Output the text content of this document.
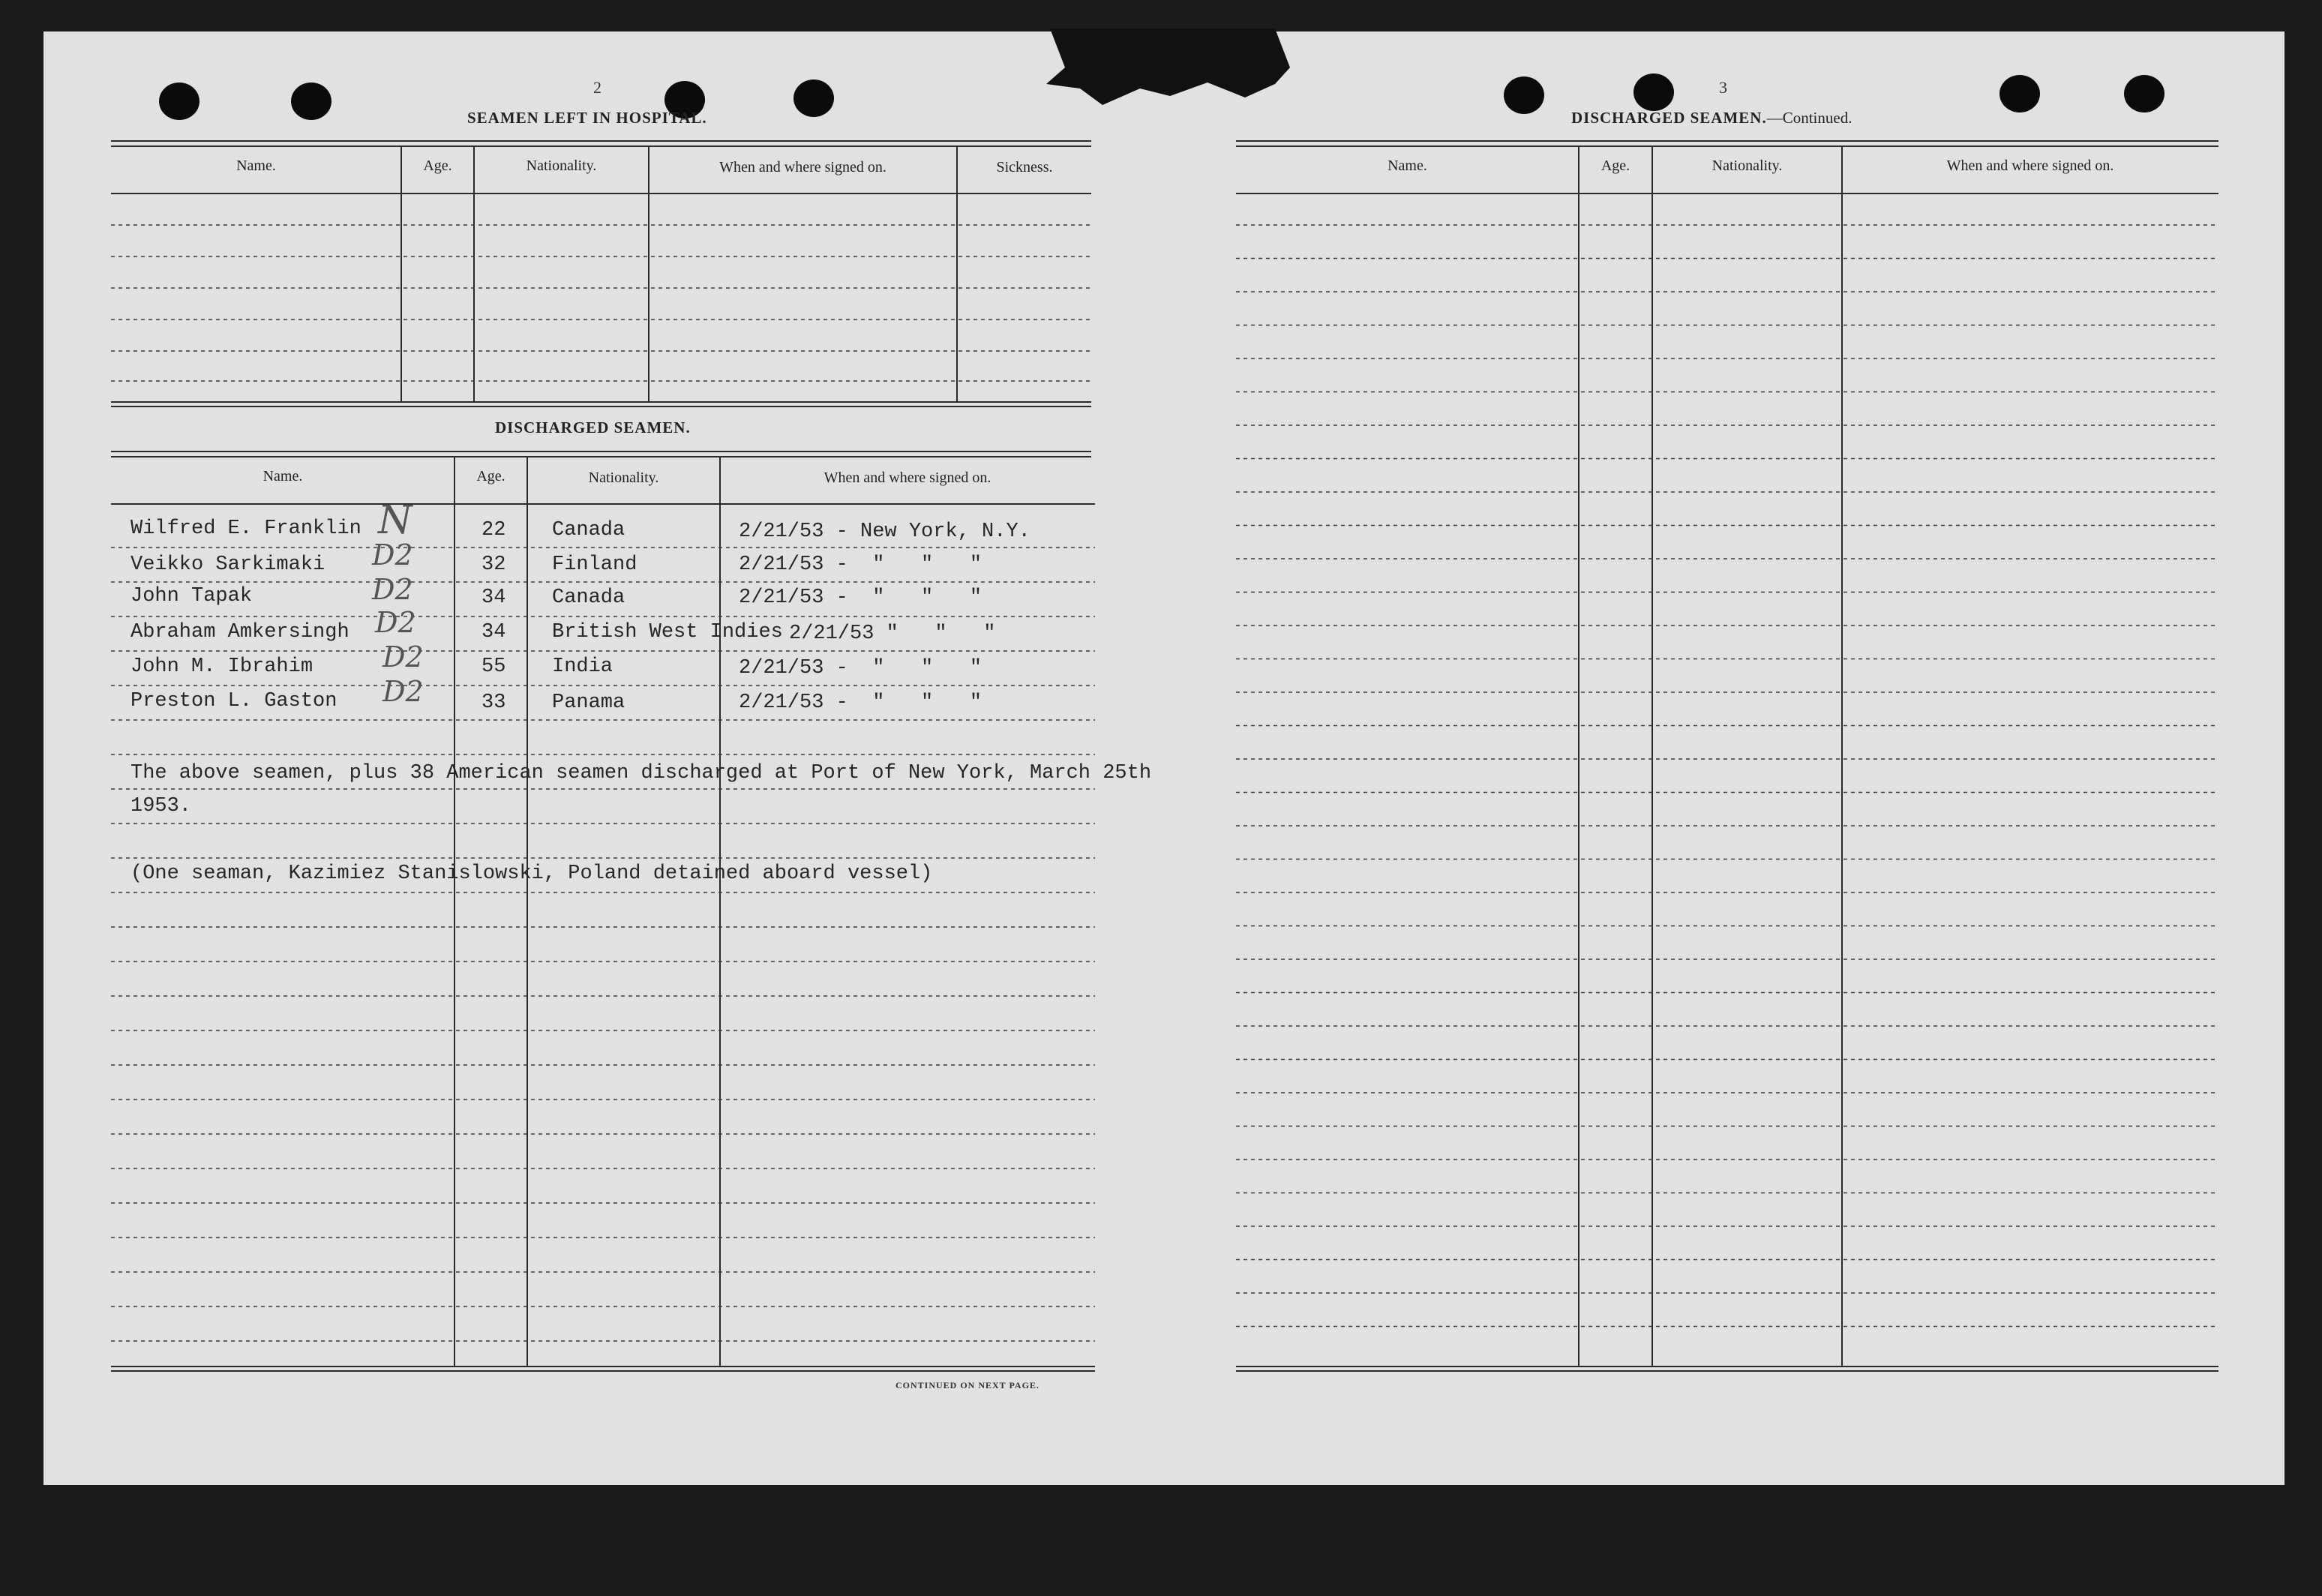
2
SEAMEN LEFT IN HOSPITAL.
Name.	Age.	Nationality.	When and where signed on.	Sickness.
DISCHARGED SEAMEN.
Name.	Age.	Nationality.	When and where signed on.
Wilfred E. Franklin N	22 Canada	2/21/53 - New York, N.Y.
Veikko Sarkimaki D2	32 Finland	2/21/53 -  "   "   "
John Tapak	D2	34 Canada	2/21/53 -  "   "   "
Abraham Amkersingh D2	34 British West Indies 2/21/53 "   "   "
John M. Ibrahim D2	55 India	2/21/53 -  "   "   "
Preston L. Gaston D2	33 Panama	2/21/53 -  "   "   "
The above seamen, plus 38 American seamen discharged at Port of New York, March 25th
1953.
(One seaman, Kazimiez Stanislowski, Poland detained aboard vessel)
CONTINUED ON NEXT PAGE.
3
DISCHARGED SEAMEN.—Continued.
Name.	Age.	Nationality.	When and where signed on.
